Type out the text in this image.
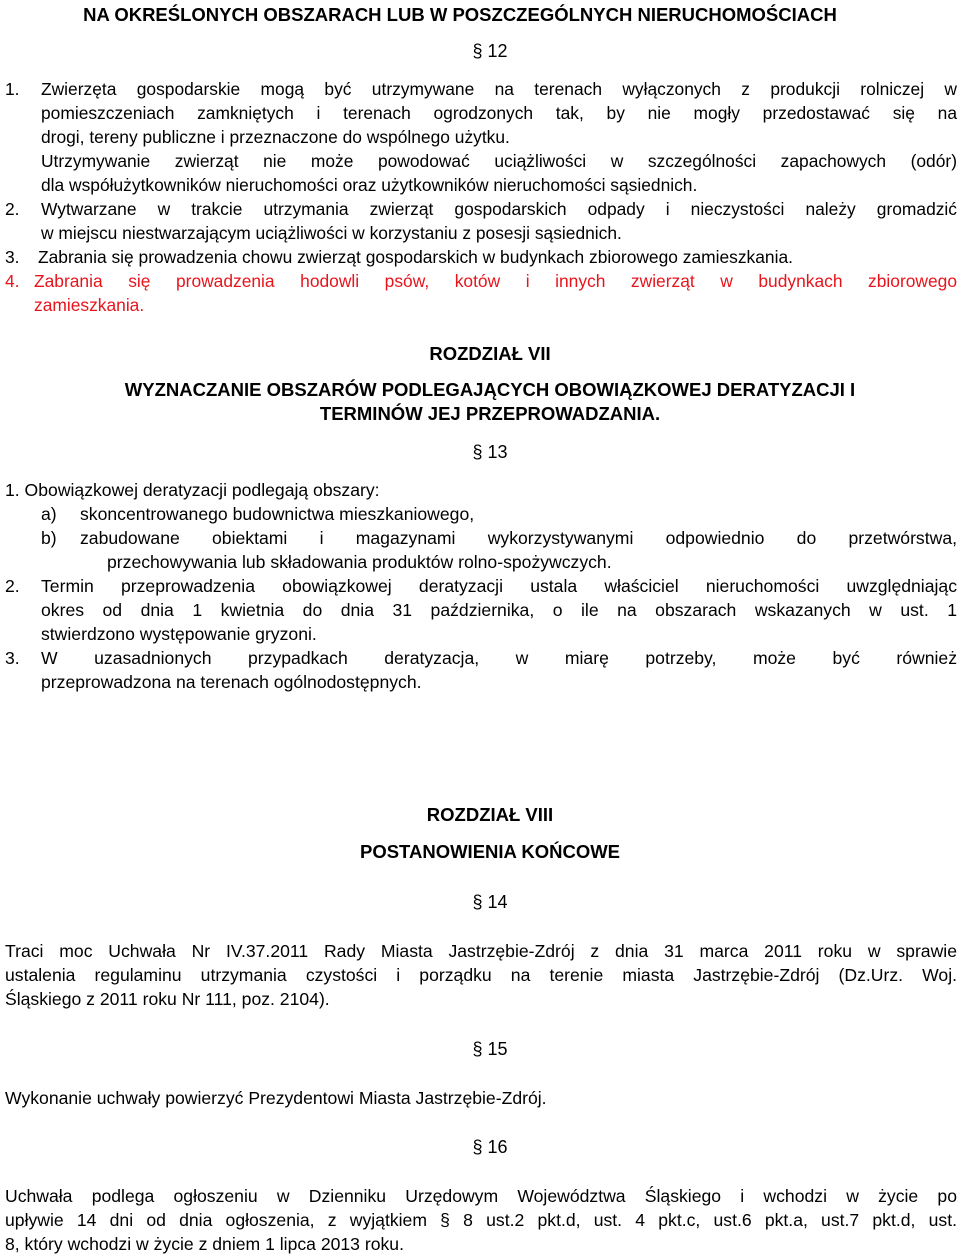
NA OKREŚLONYCH OBSZARACH LUB W POSZCZEGÓLNYCH NIERUCHOMOŚCIACH
§ 12
1. Zwierzęta gospodarskie mogą być utrzymywane na terenach wyłączonych z produkcji rolniczej w
pomieszczeniach zamkniętych i terenach ogrodzonych tak, by nie mogły przedostawać się na
drogi, tereny publiczne i przeznaczone do wspólnego użytku.
Utrzymywanie zwierząt nie może powodować uciążliwości w szczególności zapachowych (odór)
dla współużytkowników nieruchomości oraz użytkowników nieruchomości sąsiednich.
2. Wytwarzane w trakcie utrzymania zwierząt gospodarskich odpady i nieczystości należy gromadzić
w miejscu niestwarzającym uciążliwości w korzystaniu z posesji sąsiednich.
3. Zabrania się prowadzenia chowu zwierząt gospodarskich w budynkach zbiorowego zamieszkania.
4. Zabrania się prowadzenia hodowli psów, kotów i innych zwierząt w budynkach zbiorowego
zamieszkania.
ROZDZIAŁ VII
WYZNACZANIE OBSZARÓW PODLEGAJĄCYCH OBOWIĄZKOWEJ DERATYZACJI I
TERMINÓW JEJ PRZEPROWADZANIA.
§ 13
1. Obowiązkowej deratyzacji podlegają obszary:
a) skoncentrowanego budownictwa mieszkaniowego,
b) zabudowane obiektami i magazynami wykorzystywanymi odpowiednio do przetwórstwa,
przechowywania lub składowania produktów rolno-spożywczych.
2. Termin przeprowadzenia obowiązkowej deratyzacji ustala właściciel nieruchomości uwzględniając
okres od dnia 1 kwietnia do dnia 31 października, o ile na obszarach wskazanych w ust. 1
stwierdzono występowanie gryzoni.
3. W uzasadnionych przypadkach deratyzacja, w miarę potrzeby, może być również
przeprowadzona na terenach ogólnodostępnych.
ROZDZIAŁ VIII
POSTANOWIENIA KOŃCOWE
§ 14
Traci moc Uchwała Nr IV.37.2011 Rady Miasta Jastrzębie-Zdrój z dnia 31 marca 2011 roku w sprawie
ustalenia regulaminu utrzymania czystości i porządku na terenie miasta Jastrzębie-Zdrój (Dz.Urz. Woj.
Śląskiego z 2011 roku Nr 111, poz. 2104).
§ 15
Wykonanie uchwały powierzyć Prezydentowi Miasta Jastrzębie-Zdrój.
§ 16
Uchwała podlega ogłoszeniu w Dzienniku Urzędowym Województwa Śląskiego i wchodzi w życie po
upływie 14 dni od dnia ogłoszenia, z wyjątkiem § 8 ust.2 pkt.d, ust. 4 pkt.c, ust.6 pkt.a, ust.7 pkt.d, ust.
8, który wchodzi w życie z dniem 1 lipca 2013 roku.
